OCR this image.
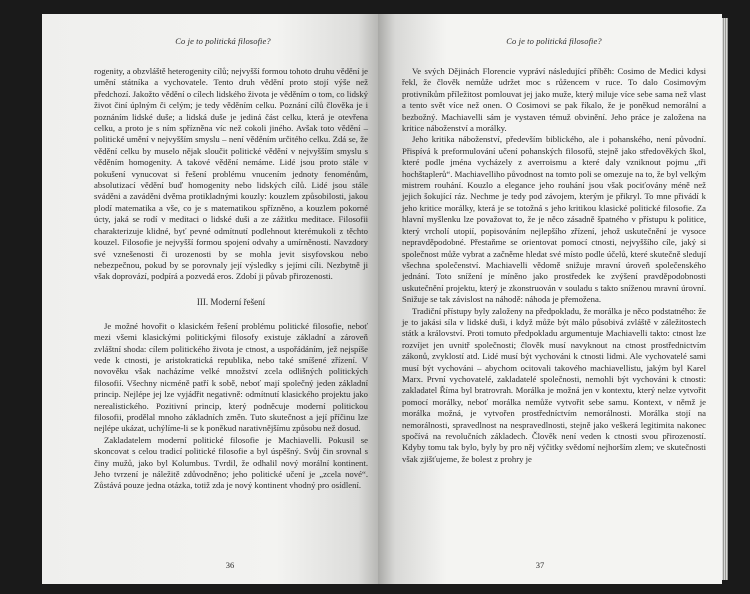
Co je to politická filosofie?

rogenity, a obzvláště heterogenity cílů; nejvyšší formou tohoto druhu vědění je umění státníka a vychovatele. Tento druh vědění proto stojí výše než předchozí. Jakožto vědění o cílech lidského života je věděním o tom, co lidský život činí úplným či celým; je tedy věděním celku. Poznání cílů člověka je i poznáním lidské duše; a lidská duše je jediná část celku, která je otevřena celku, a proto je s ním spřízněna víc než cokoli jiného. Avšak toto vědění – politické umění v nejvyšším smyslu – není věděním určitého celku. Zdá se, že vědění celku by muselo nějak sloučit politické vědění v nejvyšším smyslu s věděním homogenity. A takové vědění nemáme. Lidé jsou proto stále v pokušení vynucovat si řešení problému vnucením jednoty fenoménům, absolutizací vědění buď homogenity nebo lidských cílů. Lidé jsou stále sváděni a zaváděni dvěma protikladnými kouzly: kouzlem způsobilosti, jakou plodí matematika a vše, co je s matematikou spřízněno, a kouzlem pokorné úcty, jaká se rodí v meditaci o lidské duši a ze zážitku meditace. Filosofii charakterizuje klidné, byť pevné odmítnutí podlehnout kterémukoli z těchto kouzel. Filosofie je nejvyšší formou spojení odvahy a umírněnosti. Navzdory své vznešenosti či urozenosti by se mohla jevit sisyfovskou nebo nebezpečnou, pokud by se porovnaly její výsledky s jejími cíli. Nezbytně ji však doprovází, podpírá a pozvedá eros. Zdobí ji půvab přirozenosti.

III. Moderní řešení

Je možné hovořit o klasickém řešení problému politické filosofie, neboť mezi všemi klasickými politickými filosofy existuje základní a zároveň zvláštní shoda: cílem politického života je ctnost, a uspořádáním, jež nejspíše vede k ctnosti, je aristokratická republika, nebo také smíšené zřízení. V novověku však nacházíme velké množství zcela odlišných politických filosofií. Všechny nicméně patří k sobě, neboť mají společný jeden základní princip. Nejlépe jej lze vyjádřit negativně: odmítnutí klasického projektu jako nerealistického. Pozitivní princip, který podněcuje moderní politickou filosofii, prodělal mnoho základních změn. Tuto skutečnost a její příčinu lze nejlépe ukázat, uchýlíme-li se k poněkud narativnějšímu způsobu než dosud.

Zakladatelem moderní politické filosofie je Machiavelli. Pokusil se skoncovat s celou tradicí politické filosofie a byl úspěšný. Svůj čin srovnal s činy mužů, jako byl Kolumbus. Tvrdil, že odhalil nový morální kontinent. Jeho tvrzení je náležitě zdůvodněno; jeho politické učení je „zcela nové“. Zůstává pouze jedna otázka, totiž zda je nový kontinent vhodný pro osídlení.

36
Co je to politická filosofie?

Ve svých Dějinách Florencie vypráví následující příběh: Cosimo de Medici kdysi řekl, že člověk nemůže udržet moc s růžencem v ruce. To dalo Cosimovým protivníkům příležitost pomlouvat jej jako muže, který miluje více sebe sama než vlast a tento svět více než onen. O Cosimovi se pak říkalo, že je poněkud nemorální a bezbožný. Machiavelli sám je vystaven témuž obvinění. Jeho práce je založena na kritice náboženství a morálky.

Jeho kritika náboženství, především biblického, ale i pohanského, není původní. Přispívá k preformulování učení pohanských filosofů, stejně jako středověkých škol, které podle jména vycházely z averroismu a které daly vzniknout pojmu „tři hochštaplerů“. Machiavelliho původnost na tomto poli se omezuje na to, že byl velkým mistrem rouhání. Kouzlo a elegance jeho rouhání jsou však pociťovány méně než jejich šokující ráz. Nechme je tedy pod závojem, kterým je přikryl. To mne přivádí k jeho kritice morálky, která je se totožná s jeho kritikou klasické politické filosofie. Za hlavní myšlenku lze považovat to, že je něco zásadně špatného v přístupu k politice, který vrcholí utopií, popisováním nejlepšího zřízení, jehož uskutečnění je vysoce nepravděpodobné. Přestaňme se orientovat pomocí ctnosti, nejvyššího cíle, jaký si společnost může vybrat a začněme hledat své místo podle účelů, které skutečně sledují všechna společenství. Machiavelli vědomě snižuje mravní úroveň společenského jednání. Toto snížení je míněno jako prostředek ke zvýšení pravděpodobnosti uskutečnění projektu, který je zkonstruován v souladu s takto sníženou mravní úrovní. Snižuje se tak závislost na náhodě: náhoda je přemožena.

Tradiční přístupy byly založeny na předpokladu, že morálka je něco podstatného: že je to jakási síla v lidské duši, i když může být málo působivá zvláště v záležitostech státk a království. Proti tomuto předpokladu argumentuje Machiavelli takto: ctnost lze rozvíjet jen uvnitř společnosti; člověk musí navyknout na ctnost prostřednictvím zákonů, zvyklostí atd. Lidé musí být vychováni k ctnosti lidmi. Ale vychovatelé sami musí být vychováni – abychom ocitovali takového machiavellistu, jakým byl Karel Marx. První vychovatelé, zakladatelé společnosti, nemohli být vychováni k ctnosti: zakladatel Říma byl bratrovrah. Morálka je možná jen v kontextu, který nelze vytvořit pomocí morálky, neboť morálka nemůže vytvořit sebe samu. Kontext, v němž je morálka možná, je vytvořen prostředníctvím nemorálnosti. Morálka stojí na nemorálnosti, spravedlnost na nespravedlnosti, stejně jako veškerá legitimita nakonec spočívá na revolučních základech. Člověk není veden k ctnosti svou přirozeností. Kdyby tomu tak bylo, byly by pro něj výčitky svědomí nejhorším zlem; ve skutečnosti však zjišťujeme, že bolest z prohry je

37
